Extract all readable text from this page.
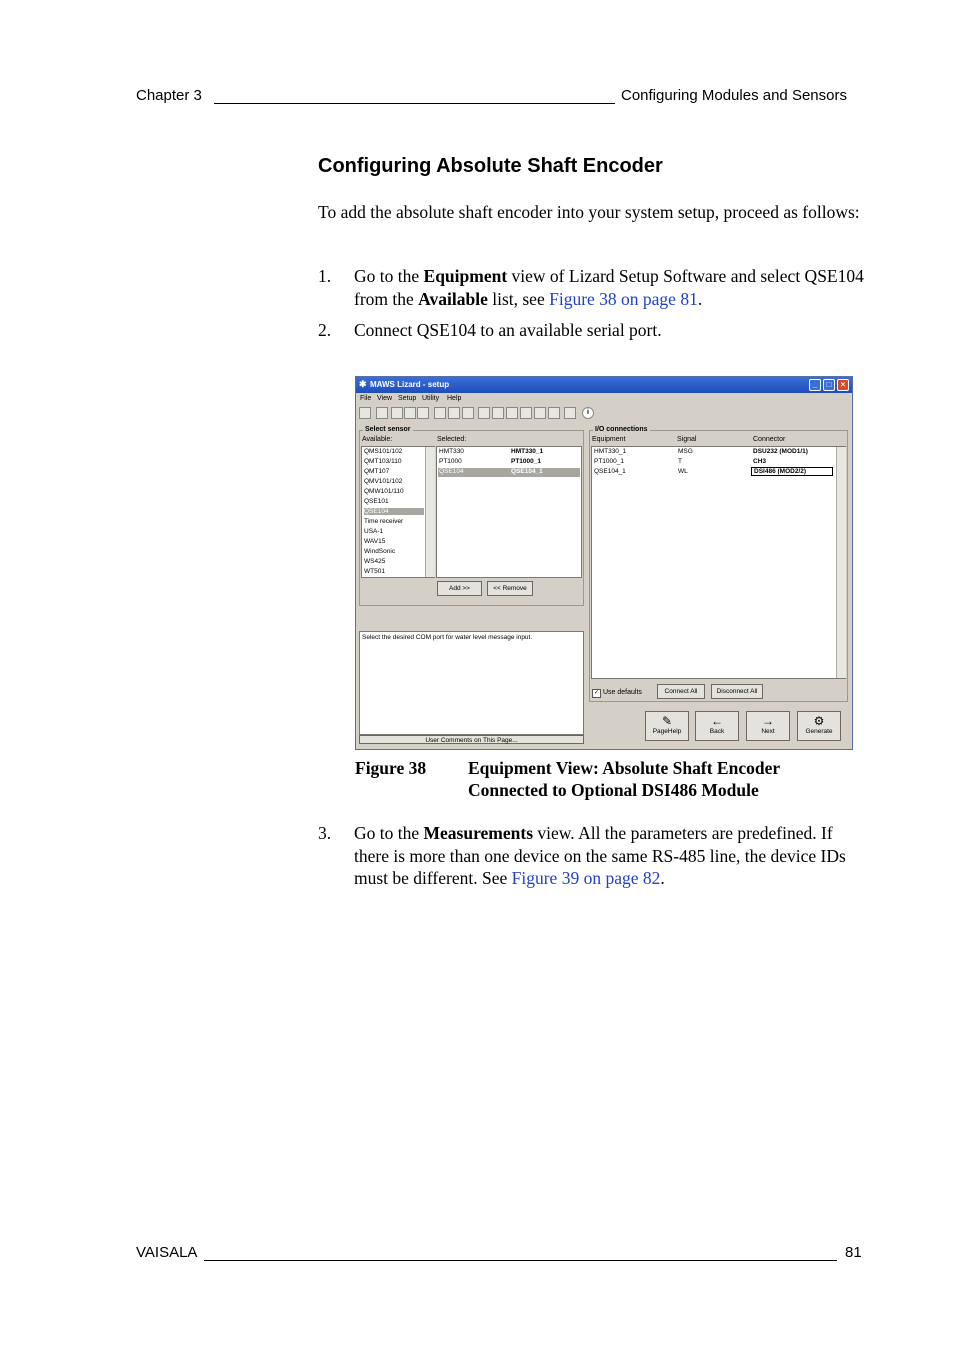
Chapter 3	Configuring Modules and Sensors
Configuring Absolute Shaft Encoder
To add the absolute shaft encoder into your system setup, proceed as follows:
1. Go to the Equipment view of Lizard Setup Software and select QSE104 from the Available list, see Figure 38 on page 81.
2. Connect QSE104 to an available serial port.
✱ MAWS Lizard - setup	_	□	×
File View Setup Utility Help
i
Select sensor
Available:	Selected:
QMS101/102
QMT103/110
QMT107
QMV101/102
QMW101/110
QSE101
QSE104
Time receiver
USA-1
WAV15
WindSonic
WS425
WT501
HMT330	HMT330_1
PT1000	PT1000_1
QSE104	QSE104_1
Add >>	<< Remove
Select the desired COM port for water level message input.
User Comments on This Page...
I/O connections
Equipment	Signal	Connector
HMT330_1	MSG	DSU232 (MOD1/1)
PT1000_1	T	CH3
QSE104_1	WL	DSI486 (MOD2/2)
✓ Use defaults	Connect All	Disconnect All
✎
PageHelp
←
Back
→
Next
⚙
Generate
Figure 38 Equipment View: Absolute Shaft Encoder
Connected to Optional DSI486 Module
3. Go to the Measurements view. All the parameters are predefined. If there is more than one device on the same RS-485 line, the device IDs must be different. See Figure 39 on page 82.
VAISALA	81
